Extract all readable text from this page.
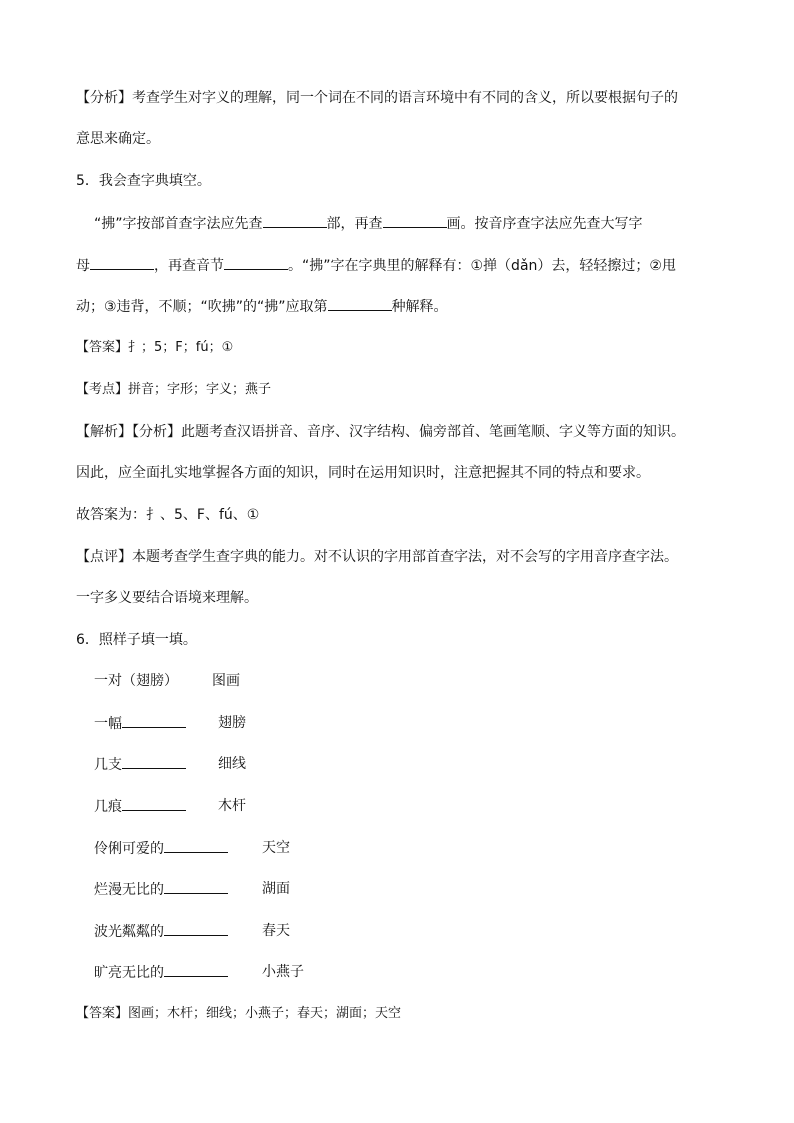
【分析】考查学生对字义的理解，同一个词在不同的语言环境中有不同的含义，所以要根据句子的
意思来确定。
5．我会查字典填空。
“拂”字按部首查字法应先查	部，再查	画。按音序查字法应先查大写字
母	，再查音节	。“拂”字在字典里的解释有：①掸（dǎn）去，轻轻擦过；②甩
动；③违背，不顺；“吹拂”的“拂”应取第	种解释。
【答案】扌；5；F；fú；①
【考点】拼音；字形；字义；燕子
【解析】【分析】此题考查汉语拼音、音序、汉字结构、偏旁部首、笔画笔顺、字义等方面的知识。
因此，应全面扎实地掌握各方面的知识，同时在运用知识时，注意把握其不同的特点和要求。
故答案为：扌、5、F、fú、①
【点评】本题考查学生查字典的能力。对不认识的字用部首查字法，对不会写的字用音序查字法。
一字多义要结合语境来理解。
6．照样子填一填。
一对（翅膀） 图画
一幅	翅膀
几支	细线
几痕	木杆
伶俐可爱的	天空
烂漫无比的	湖面
波光粼粼的	春天
旷亮无比的	小燕子
【答案】图画；木杆；细线；小燕子；春天；湖面；天空
